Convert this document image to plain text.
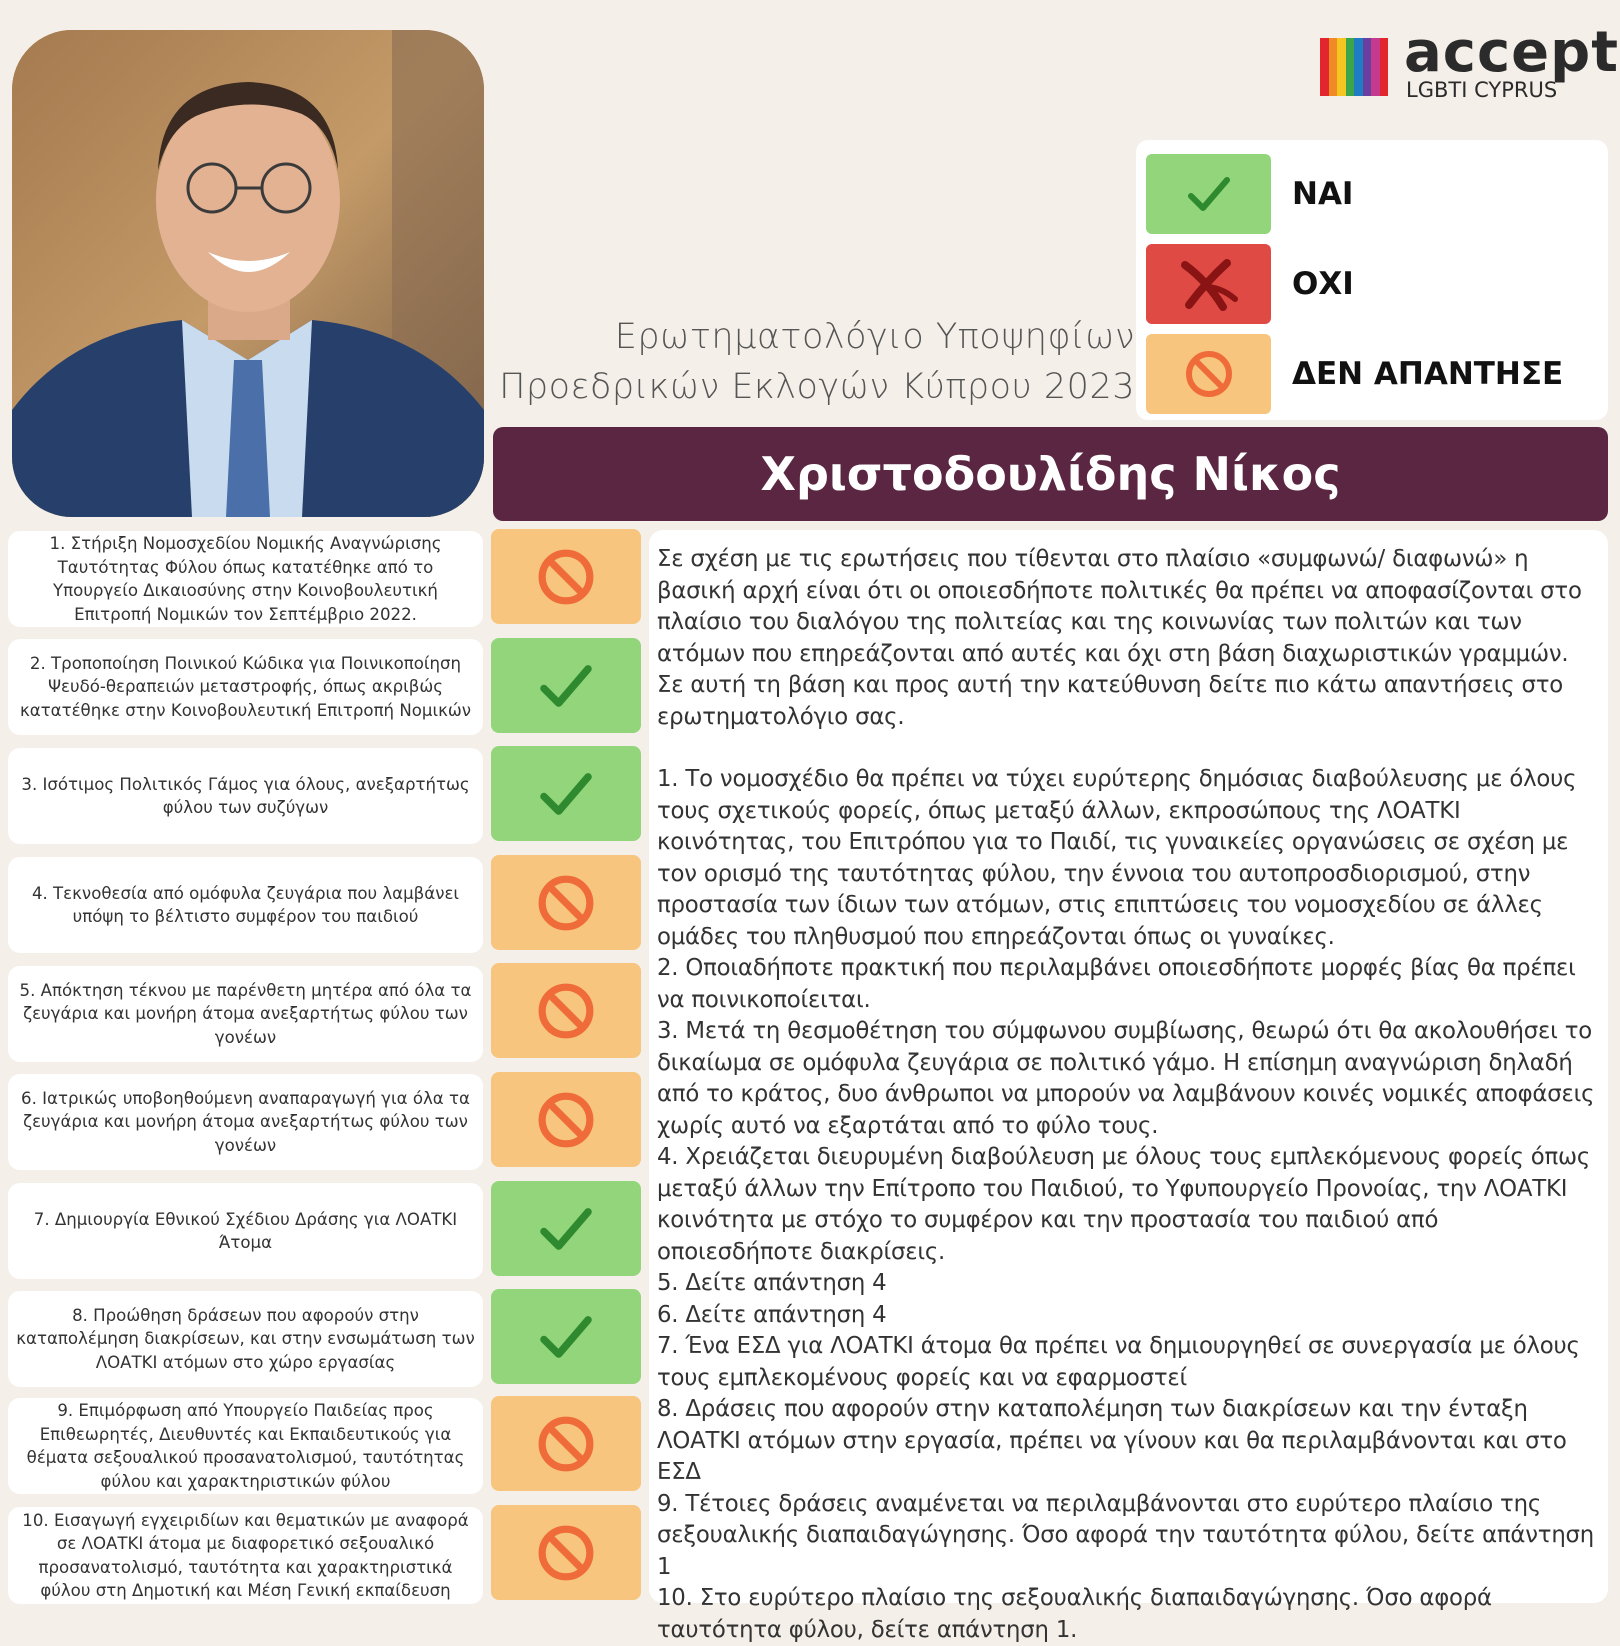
accept
LGBTI CYPRUS
ΝΑΙ
ΟΧΙ
ΔΕΝ ΑΠΑΝΤΗΣΕ
Ερωτηματολόγιο Υποψηφίων
Προεδρικών Εκλογών Κύπρου 2023
Χριστοδουλίδης Νίκος
1. Στήριξη Νομοσχεδίου Νομικής Αναγνώρισης Ταυτότητας Φύλου όπως κατατέθηκε από το Υπουργείο Δικαιοσύνης στην Κοινοβουλευτική Επιτροπή Νομικών τον Σεπτέμβριο 2022.
2. Τροποποίηση Ποινικού Κώδικα για Ποινικοποίηση Ψευδό-θεραπειών μεταστροφής, όπως ακριβώς κατατέθηκε στην Κοινοβουλευτική Επιτροπή Νομικών
3. Ισότιμος Πολιτικός Γάμος για όλους, ανεξαρτήτως φύλου των συζύγων
4. Τεκνοθεσία από ομόφυλα ζευγάρια που λαμβάνει υπόψη το βέλτιστο συμφέρον του παιδιού
5. Απόκτηση τέκνου με παρένθετη μητέρα από όλα τα ζευγάρια και μονήρη άτομα ανεξαρτήτως φύλου των γονέων
6. Ιατρικώς υποβοηθούμενη αναπαραγωγή για όλα τα ζευγάρια και μονήρη άτομα ανεξαρτήτως φύλου των γονέων
7. Δημιουργία Εθνικού Σχέδιου Δράσης για ΛΟΑΤΚΙ Άτομα
8. Προώθηση δράσεων που αφορούν στην καταπολέμηση διακρίσεων, και στην ενσωμάτωση των ΛΟΑΤΚΙ ατόμων στο χώρο εργασίας
9. Επιμόρφωση από Υπουργείο Παιδείας προς Επιθεωρητές, Διευθυντές και Εκπαιδευτικούς για θέματα σεξουαλικού προσανατολισμού, ταυτότητας φύλου και χαρακτηριστικών φύλου
10. Εισαγωγή εγχειριδίων και θεματικών με αναφορά σε ΛΟΑΤΚΙ άτομα με διαφορετικό σεξουαλικό προσανατολισμό, ταυτότητα και χαρακτηριστικά φύλου στη Δημοτική και Μέση Γενική εκπαίδευση

Σε σχέση με τις ερωτήσεις που τίθενται στο πλαίσιο «συμφωνώ/ διαφωνώ» η βασική αρχή είναι ότι οι οποιεσδήποτε πολιτικές θα πρέπει να αποφασίζονται στο πλαίσιο του διαλόγου της πολιτείας και της κοινωνίας των πολιτών και των ατόμων που επηρεάζονται από αυτές και όχι στη βάση διαχωριστικών γραμμών. Σε αυτή τη βάση και προς αυτή την κατεύθυνση δείτε πιο κάτω απαντήσεις στο ερωτηματολόγιο σας.

1. Το νομοσχέδιο θα πρέπει να τύχει ευρύτερης δημόσιας διαβούλευσης με όλους τους σχετικούς φορείς, όπως μεταξύ άλλων, εκπροσώπους της ΛΟΑΤΚΙ κοινότητας, του Επιτρόπου για το Παιδί, τις γυναικείες οργανώσεις σε σχέση με τον ορισμό της ταυτότητας φύλου, την έννοια του αυτοπροσδιορισμού, στην προστασία των ίδιων των ατόμων, στις επιπτώσεις του νομοσχεδίου σε άλλες ομάδες του πληθυσμού που επηρεάζονται όπως οι γυναίκες.

2. Οποιαδήποτε πρακτική που περιλαμβάνει οποιεσδήποτε μορφές βίας θα πρέπει να ποινικοποίειται.

3. Μετά τη θεσμοθέτηση του σύμφωνου συμβίωσης, θεωρώ ότι θα ακολουθήσει το δικαίωμα σε ομόφυλα ζευγάρια σε πολιτικό γάμο. Η επίσημη αναγνώριση δηλαδή από το κράτος, δυο άνθρωποι να μπορούν να λαμβάνουν κοινές νομικές αποφάσεις χωρίς αυτό να εξαρτάται από το φύλο τους.

4. Χρειάζεται διευρυμένη διαβούλευση με όλους τους εμπλεκόμενους φορείς όπως μεταξύ άλλων την Επίτροπο του Παιδιού, το Υφυπουργείο Προνοίας, την ΛΟΑΤΚΙ κοινότητα με στόχο το συμφέρον και την προστασία του παιδιού από οποιεσδήποτε διακρίσεις.

5. Δείτε απάντηση 4

6. Δείτε απάντηση 4

7. Ένα ΕΣΔ για ΛΟΑΤΚΙ άτομα θα πρέπει να δημιουργηθεί σε συνεργασία με όλους τους εμπλεκομένους φορείς και να εφαρμοστεί

8. Δράσεις που αφορούν στην καταπολέμηση των διακρίσεων και την ένταξη ΛΟΑΤΚΙ ατόμων στην εργασία, πρέπει να γίνουν και θα περιλαμβάνονται και στο ΕΣΔ

9. Τέτοιες δράσεις αναμένεται να περιλαμβάνονται στο ευρύτερο πλαίσιο της σεξουαλικής διαπαιδαγώγησης. Όσο αφορά την ταυτότητα φύλου, δείτε απάντηση 1

10. Στο ευρύτερο πλαίσιο της σεξουαλικής διαπαιδαγώγησης. Όσο αφορά ταυτότητα φύλου, δείτε απάντηση 1.
